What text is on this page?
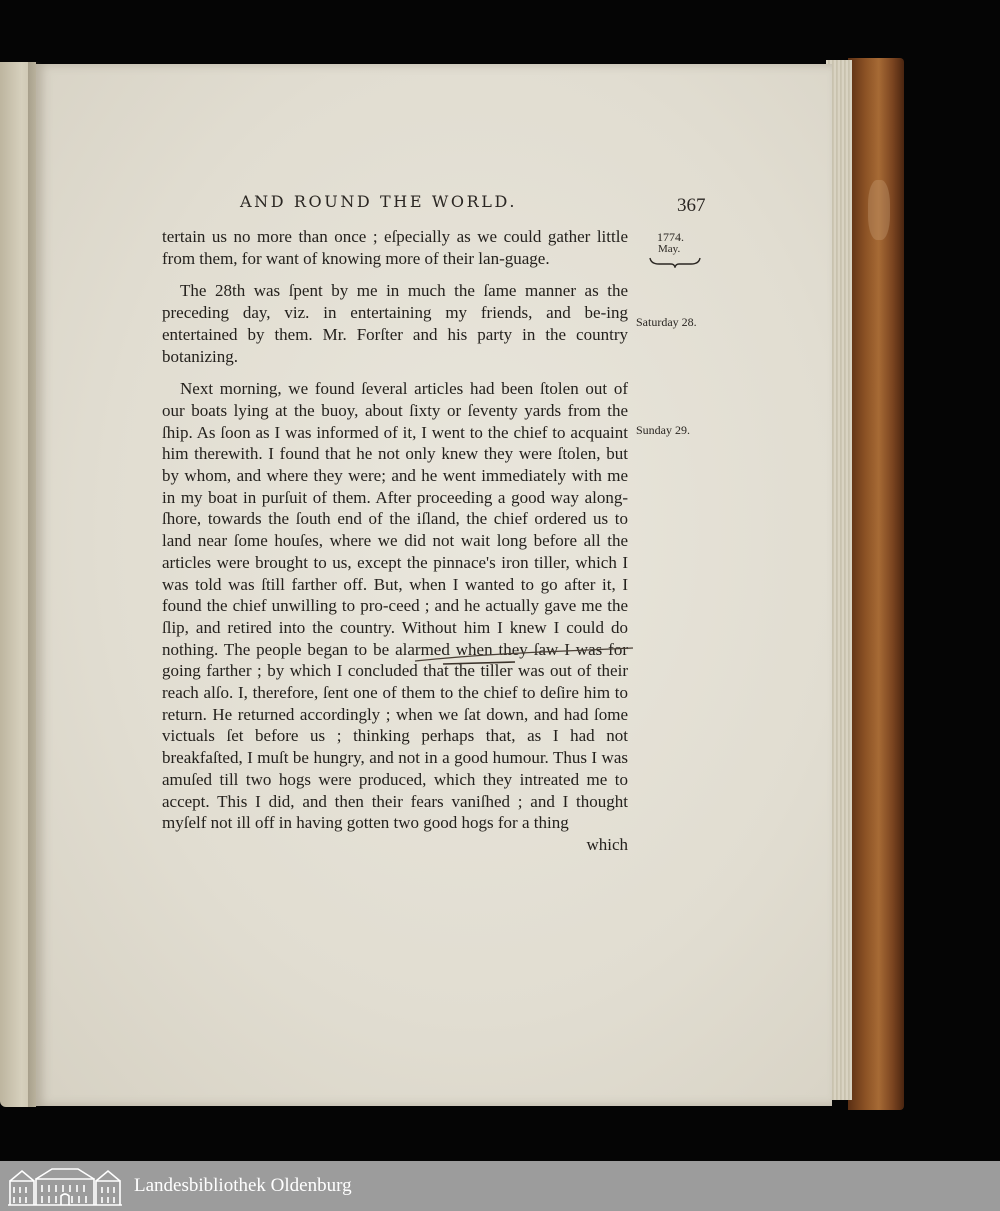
AND ROUND THE WORLD.	367
1774.
May.
Saturday 28.
Sunday 29.

tertain us no more than once ; eſpecially as we could gather little from them, for want of knowing more of their lan-guage.

The 28th was ſpent by me in much the ſame manner as the preceding day, viz. in entertaining my friends, and be-ing entertained by them. Mr. Forſter and his party in the country botanizing.

Next morning, we found ſeveral articles had been ſtolen out of our boats lying at the buoy, about ſixty or ſeventy yards from the ſhip. As ſoon as I was informed of it, I went to the chief to acquaint him therewith. I found that he not only knew they were ſtolen, but by whom, and where they were; and he went immediately with me in my boat in purſuit of them. After proceeding a good way along-ſhore, towards the ſouth end of the iſland, the chief ordered us to land near ſome houſes, where we did not wait long before all the articles were brought to us, except the pinnace's iron tiller, which I was told was ſtill farther off. But, when I wanted to go after it, I found the chief unwilling to pro-ceed ; and he actually gave me the ſlip, and retired into the country. Without him I knew I could do nothing. The people began to be alarmed when they ſaw I was for going farther ; by which I concluded that the tiller was out of their reach alſo. I, therefore, ſent one of them to the chief to deſire him to return. He returned accordingly ; when we ſat down, and had ſome victuals ſet before us ; thinking perhaps that, as I had not breakfaſted, I muſt be hungry, and not in a good humour. Thus I was amuſed till two hogs were produced, which they intreated me to accept. This I did, and then their fears vaniſhed ; and I thought myſelf not ill off in having gotten two good hogs for a thing

which

Landesbibliothek Oldenburg
